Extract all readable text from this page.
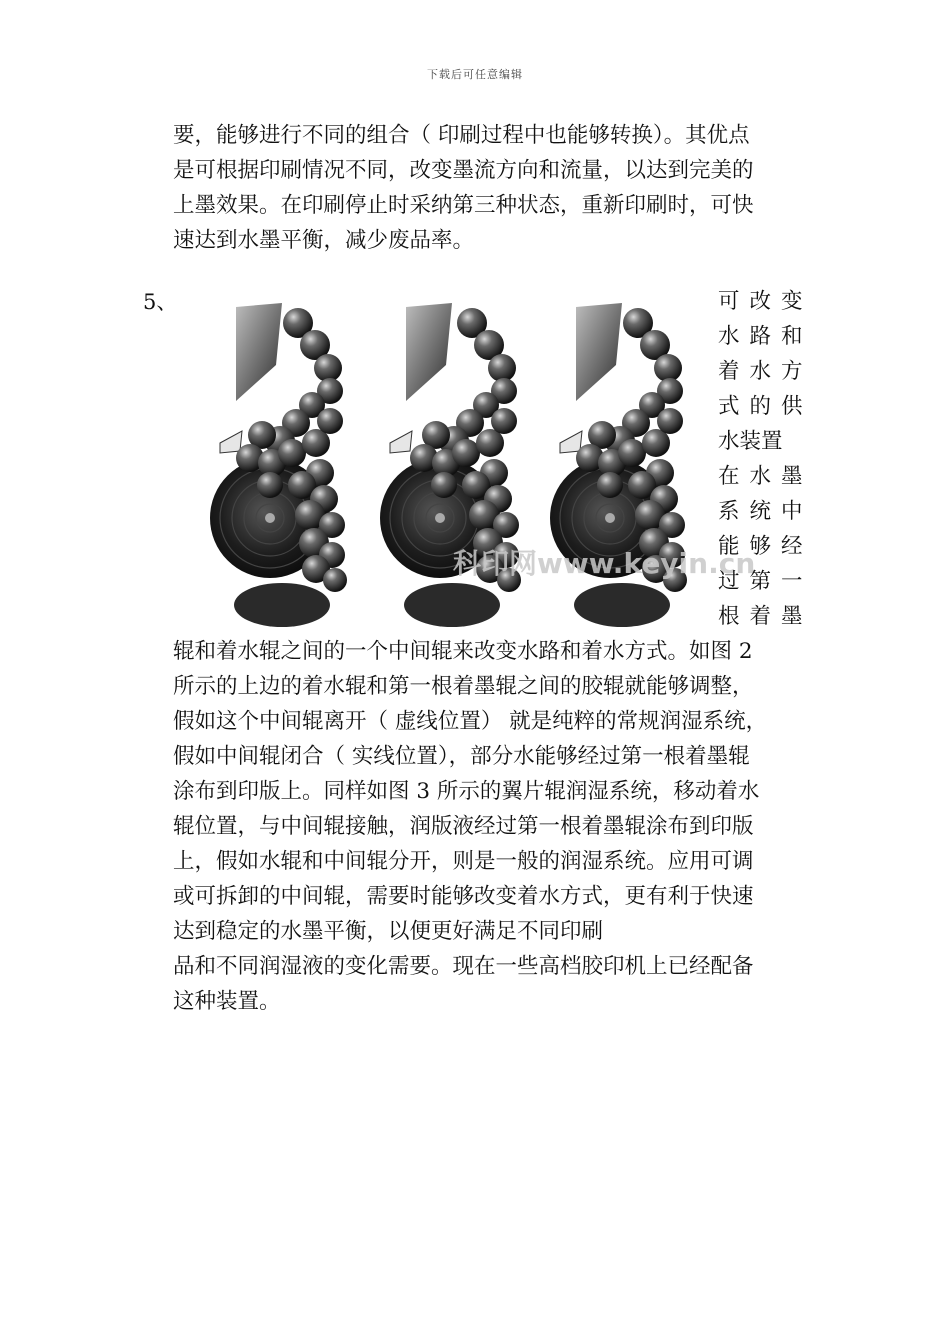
下载后可任意编辑

要，能够进行不同的组合（ 印刷过程中也能够转换）。其优点

是可根据印刷情况不同，改变墨流方向和流量，以达到完美的

上墨效果。在印刷停止时采纳第三种状态，重新印刷时，可快

速达到水墨平衡，减少废品率。

5、
科印网www.keyin.cn
可改变
水路和
着水方
式的供
水装置
在水墨
系统中
能够经
过第一
根着墨

辊和着水辊之间的一个中间辊来改变水路和着水方式。如图 2

所示的上边的着水辊和第一根着墨辊之间的胶辊就能够调整，

假如这个中间辊离开（ 虚线位置） 就是纯粹的常规润湿系统，

假如中间辊闭合（ 实线位置），部分水能够经过第一根着墨辊

涂布到印版上。同样如图 3 所示的翼片辊润湿系统，移动着水

辊位置，与中间辊接触，润版液经过第一根着墨辊涂布到印版

上，假如水辊和中间辊分开，则是一般的润湿系统。应用可调

或可拆卸的中间辊，需要时能够改变着水方式，更有利于快速

达到稳定的水墨平衡，以便更好满足不同印刷

品和不同润湿液的变化需要。现在一些高档胶印机上已经配备

这种装置。
